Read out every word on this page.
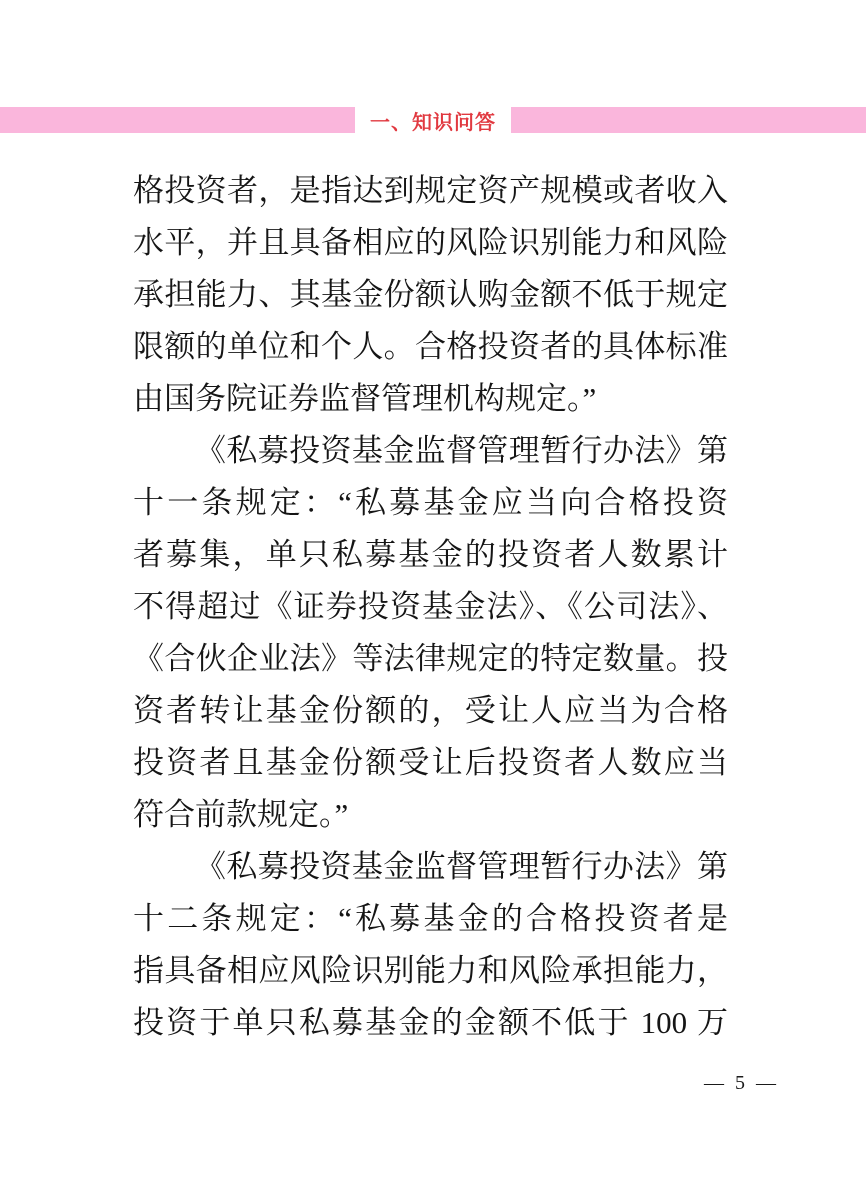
一、知识问答
格投资者，是指达到规定资产规模或者收入
水平，并且具备相应的风险识别能力和风险
承担能力、其基金份额认购金额不低于规定
限额的单位和个人。合格投资者的具体标准
由国务院证券监督管理机构规定。”
《私募投资基金监督管理暂行办法》第
十一条规定：“私募基金应当向合格投资
者募集，单只私募基金的投资者人数累计
不得超过《证券投资基金法》、《公司法》、
《合伙企业法》等法律规定的特定数量。投
资者转让基金份额的，受让人应当为合格
投资者且基金份额受让后投资者人数应当
符合前款规定。”
《私募投资基金监督管理暂行办法》第
十二条规定：“私募基金的合格投资者是
指具备相应风险识别能力和风险承担能力，
投资于单只私募基金的金额不低于 100 万
— 5 —
